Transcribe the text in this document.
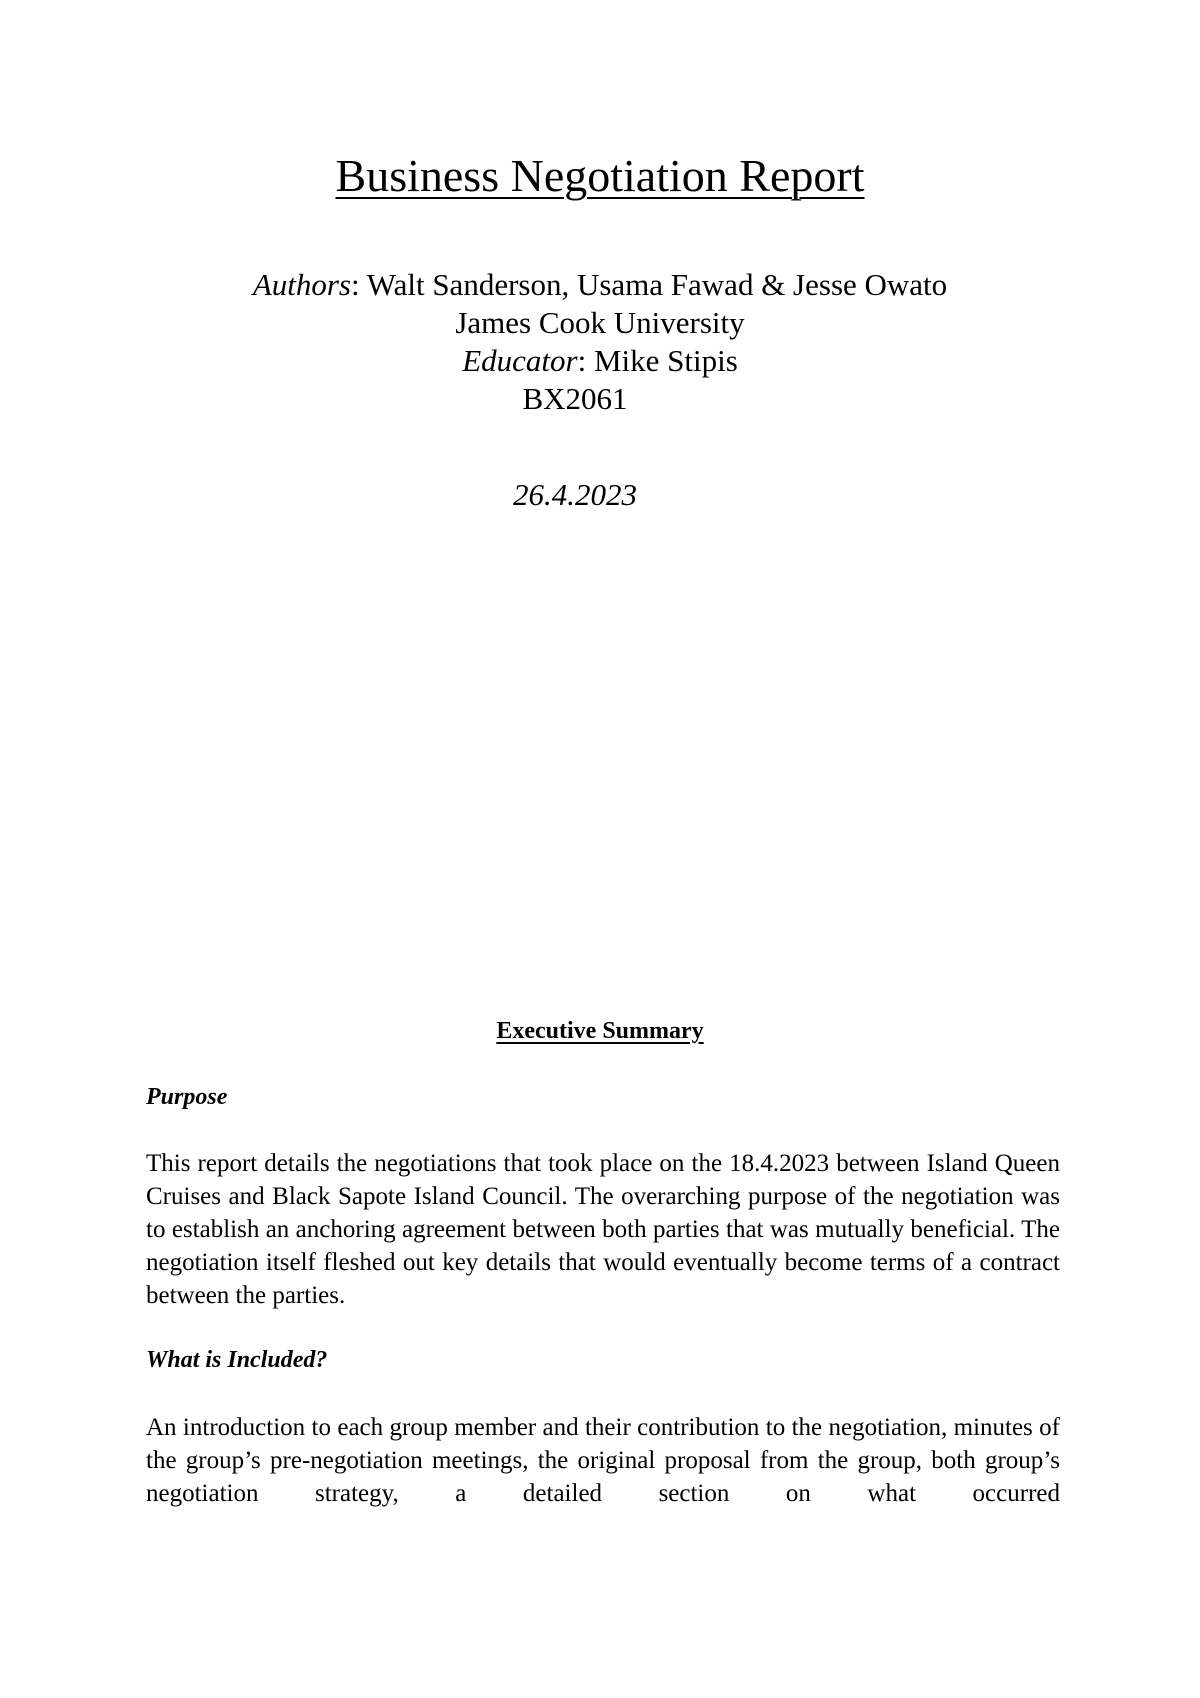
Business Negotiation Report
Authors: Walt Sanderson, Usama Fawad & Jesse Owato
James Cook University
Educator: Mike Stipis
BX2061
26.4.2023
Executive Summary
Purpose
This report details the negotiations that took place on the 18.4.2023 between Island Queen Cruises and Black Sapote Island Council. The overarching purpose of the negotiation was to establish an anchoring agreement between both parties that was mutually beneficial. The negotiation itself fleshed out key details that would eventually become terms of a contract between the parties.
What is Included?
An introduction to each group member and their contribution to the negotiation, minutes of the group’s pre-negotiation meetings, the original proposal from the group, both group’s negotiation strategy, a detailed section on what occurred
